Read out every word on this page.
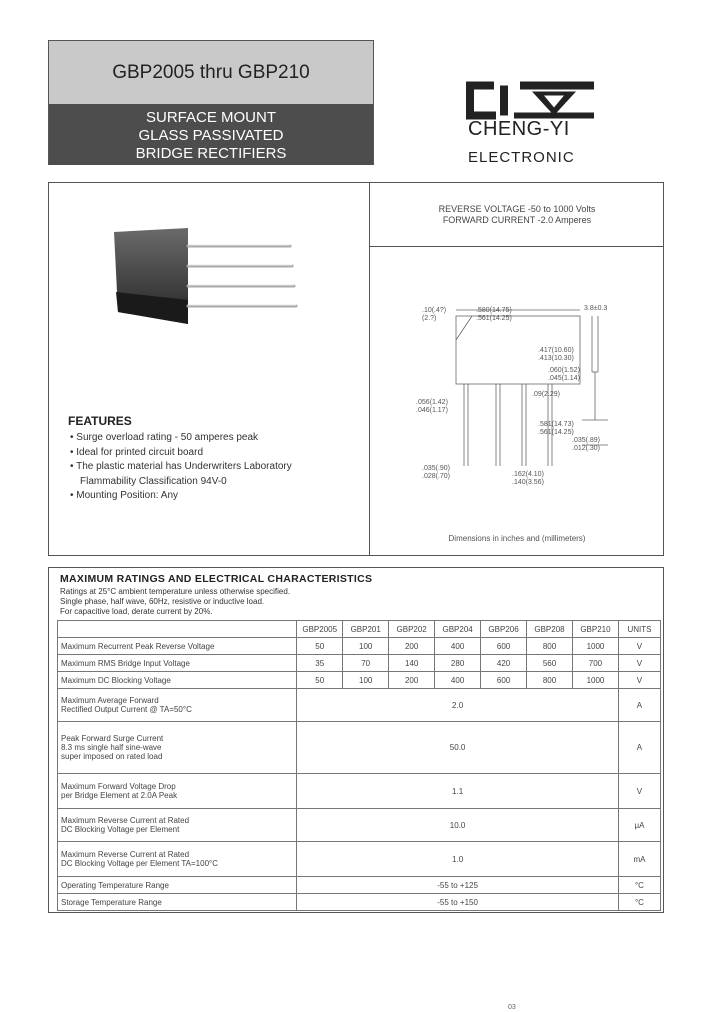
GBP2005 thru GBP210
SURFACE MOUNT
GLASS PASSIVATED
BRIDGE RECTIFIERS
CHENG-YI
ELECTRONIC
REVERSE VOLTAGE -50 to 1000 Volts
FORWARD CURRENT -2.0 Amperes
FEATURES
• Surge overload rating - 50 amperes peak
• Ideal for printed circuit board
• The plastic material has Underwriters Laboratory
Flammability Classification 94V-0
• Mounting Position: Any
.10(.4?)
(2.?)
.580(14.75)
.561(14.25)
3.8±0.3
.417(10.60)
.413(10.30)
.060(1.52)
.045(1.14)
.056(1.42)
.046(1.17)
.09(2.29)
.581(14.73)
.561(14.25)
.035(.89)
.012(.30)
.035(.90)
.028(.70)	.162(4.10)
.140(3.56)
Dimensions in inches and (millimeters)
MAXIMUM RATINGS AND ELECTRICAL CHARACTERISTICS
Ratings at 25°C ambient temperature unless otherwise specified.
Single phase, half wave, 60Hz, resistive or inductive load.
For capacitive load, derate current by 20%.
	GBP2005	GBP201	GBP202	GBP204	GBP206	GBP208	GBP210	UNITS
Maximum Recurrent Peak Reverse Voltage	50	100	200	400	600	800	1000	V
Maximum RMS Bridge Input Voltage	35	70	140	280	420	560	700	V
Maximum DC Blocking Voltage	50	100	200	400	600	800	1000	V
Maximum Average Forward
Rectified Output Current @ TA=50°C	2.0							A
Peak Forward Surge Current
8.3 ms single half sine-wave
super imposed on rated load	50.0							A
Maximum Forward Voltage Drop
per Bridge Element at 2.0A Peak	1.1							V
Maximum Reverse Current at Rated
DC Blocking Voltage per Element	10.0							μA
Maximum Reverse Current at Rated
DC Blocking Voltage per Element TA=100°C	1.0							mA
Operating Temperature Range	-55 to +125							°C
Storage Temperature Range	-55 to +150							°C
03
